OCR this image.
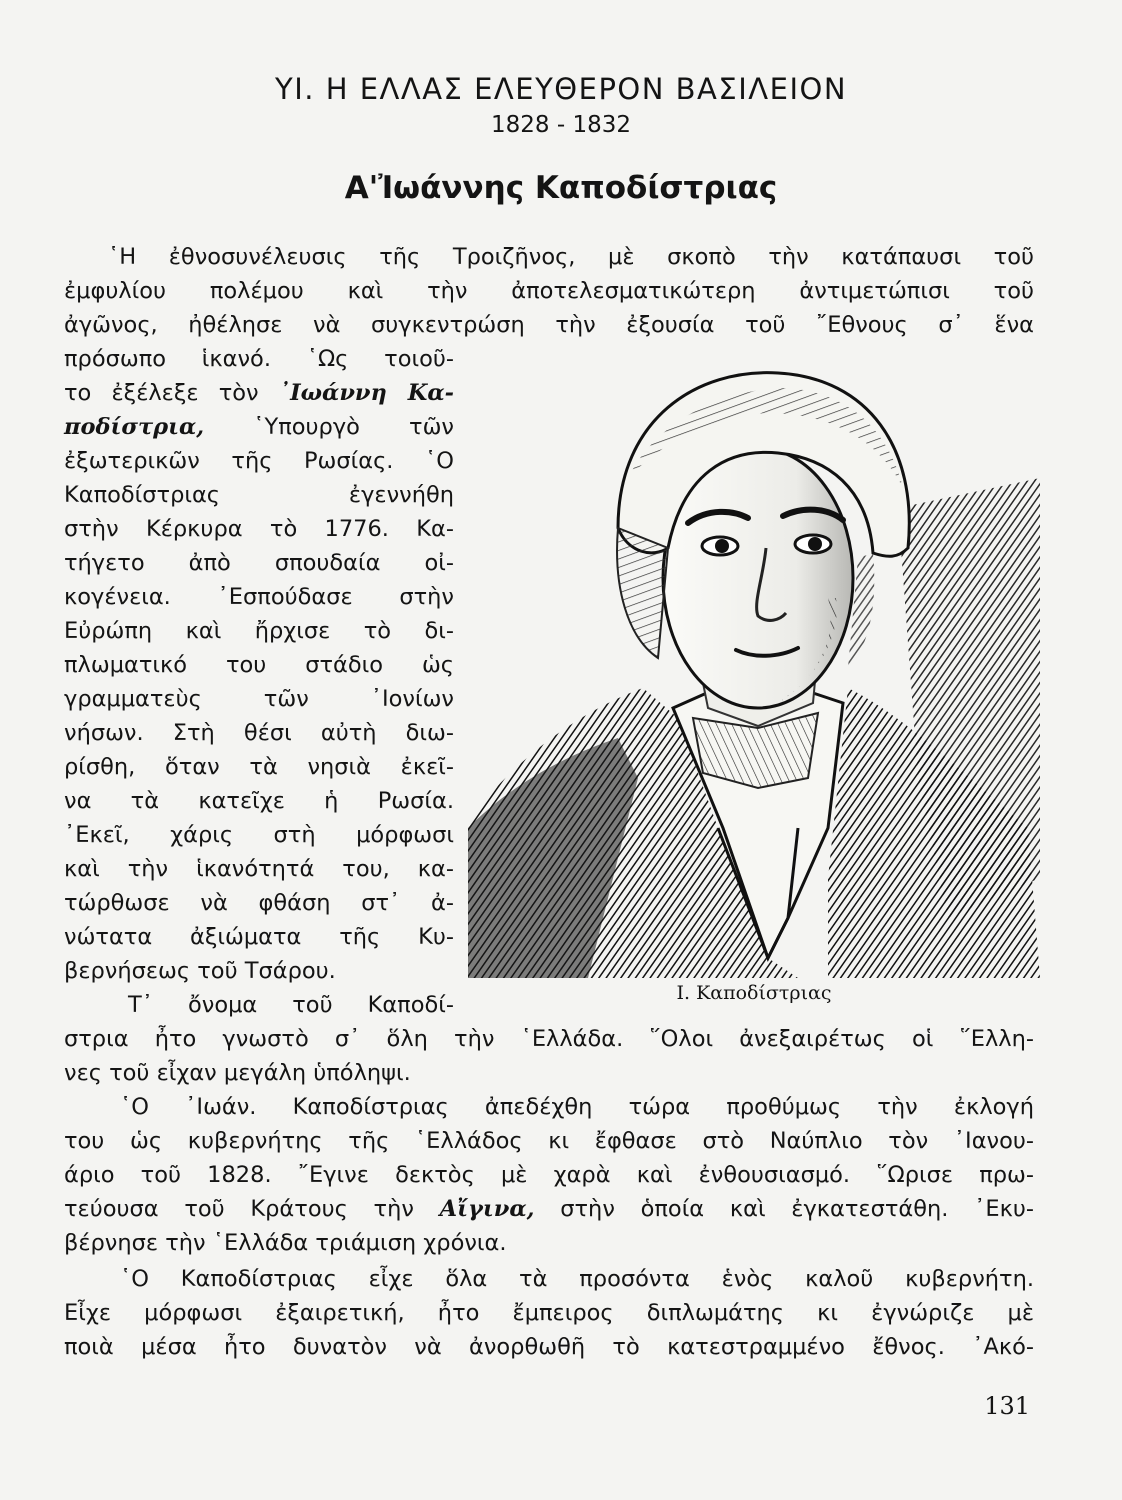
ΥΙ. Η ΕΛΛΑΣ ΕΛΕΥΘΕΡΟΝ ΒΑΣΙΛΕΙΟΝ
1828 - 1832
Α'Ἰωάννης Καποδίστριας
῾Η ἐθνοσυνέλευσις τῆς Τροιζῆνος, μὲ σκοπὸ τὴν κατάπαυσι τοῦ
ἐμφυλίου πολέμου καὶ τὴν ἀποτελεσματικώτερη ἀντιμετώπισι τοῦ
ἀγῶνος, ἠθέλησε νὰ συγκεντρώση τὴν ἐξουσία τοῦ ῎Εθνους σ᾽ ἕνα
πρόσωπο ἱκανό. ῾Ως τοιοῦ-
το ἐξέλεξε τὸν ᾽Ιωάννη Κα-
ποδίστρια, ῾Υπουργὸ τῶν
ἐξωτερικῶν τῆς Ρωσίας. ῾Ο
Καποδίστριας ἐγεννήθη
στὴν Κέρκυρα τὸ 1776. Κα-
τήγετο ἀπὸ σπουδαία οἰ-
κογένεια. ᾽Εσπούδασε στὴν
Εὐρώπη καὶ ἤρχισε τὸ δι-
πλωματικό του στάδιο ὡς
γραμματεὺς τῶν ᾽Ιονίων
νήσων. Στὴ θέσι αὐτὴ διω-
ρίσθη, ὅταν τὰ νησιὰ ἐκεῖ-
να τὰ κατεῖχε ἡ Ρωσία.
᾽Εκεῖ, χάρις στὴ μόρφωσι
καὶ τὴν ἱκανότητά του, κα-
τώρθωσε νὰ φθάση στ᾽ ἀ-
νώτατα ἀξιώματα τῆς Κυ-
βερνήσεως τοῦ Τσάρου.
Τ᾽ ὄνομα τοῦ Καποδί-	Ι. Καποδίστριας
στρια ἦτο γνωστὸ σ᾽ ὅλη τὴν ῾Ελλάδα. ῞Ολοι ἀνεξαιρέτως οἱ ῞Ελλη-
νες τοῦ εἶχαν μεγάλη ὑπόληψι.
῾Ο ᾽Ιωάν. Καποδίστριας ἀπεδέχθη τώρα προθύμως τὴν ἐκλογή
του ὡς κυβερνήτης τῆς ῾Ελλάδος κι ἔφθασε στὸ Ναύπλιο τὸν ᾽Ιανου-
άριο τοῦ 1828. ῎Εγινε δεκτὸς μὲ χαρὰ καὶ ἐνθουσιασμό. ῞Ωρισε πρω-
τεύουσα τοῦ Κράτους τὴν Αἴγινα, στὴν ὁποία καὶ ἐγκατεστάθη. ᾽Εκυ-
βέρνησε τὴν ῾Ελλάδα τριάμιση χρόνια.
῾Ο Καποδίστριας εἶχε ὅλα τὰ προσόντα ἑνὸς καλοῦ κυβερνήτη.
Εἶχε μόρφωσι ἐξαιρετική, ἦτο ἔμπειρος διπλωμάτης κι ἐγνώριζε μὲ
ποιὰ μέσα ἦτο δυνατὸν νὰ ἀνορθωθῆ τὸ κατεστραμμένο ἔθνος. ᾽Ακό-
131
